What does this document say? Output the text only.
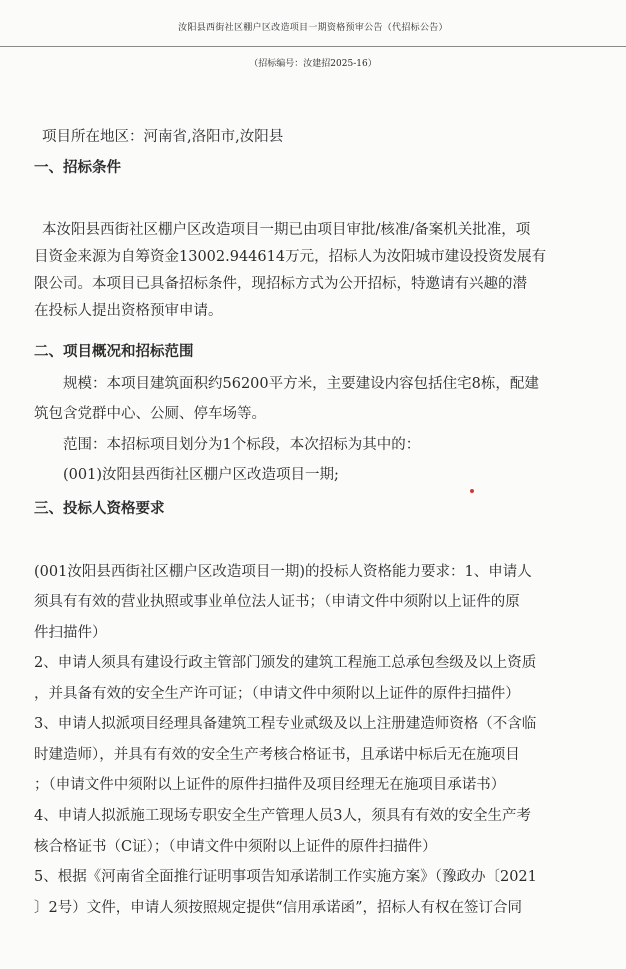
汝阳县西街社区棚户区改造项目一期资格预审公告（代招标公告）
（招标编号：汝建招2025-16）
项目所在地区：河南省,洛阳市,汝阳县
一、招标条件
本汝阳县西街社区棚户区改造项目一期已由项目审批/核准/备案机关批准，项
目资金来源为自筹资金13002.944614万元，招标人为汝阳城市建设投资发展有
限公司。本项目已具备招标条件，现招标方式为公开招标，特邀请有兴趣的潜
在投标人提出资格预审申请。
二、项目概况和招标范围
规模：本项目建筑面积约56200平方米，主要建设内容包括住宅8栋，配建
筑包含党群中心、公厕、停车场等。
范围：本招标项目划分为1个标段，本次招标为其中的：
(001)汝阳县西街社区棚户区改造项目一期;
三、投标人资格要求
(001汝阳县西街社区棚户区改造项目一期)的投标人资格能力要求：1、申请人
须具有有效的营业执照或事业单位法人证书；（申请文件中须附以上证件的原
件扫描件）
2、申请人须具有建设行政主管部门颁发的建筑工程施工总承包叁级及以上资质
，并具备有效的安全生产许可证；（申请文件中须附以上证件的原件扫描件）
3、申请人拟派项目经理具备建筑工程专业贰级及以上注册建造师资格（不含临
时建造师），并具有有效的安全生产考核合格证书，且承诺中标后无在施项目
；（申请文件中须附以上证件的原件扫描件及项目经理无在施项目承诺书）
4、申请人拟派施工现场专职安全生产管理人员3人，须具有有效的安全生产考
核合格证书（C证）；（申请文件中须附以上证件的原件扫描件）
5、根据《河南省全面推行证明事项告知承诺制工作实施方案》（豫政办〔2021
〕2号）文件，申请人须按照规定提供“信用承诺函”，招标人有权在签订合同
